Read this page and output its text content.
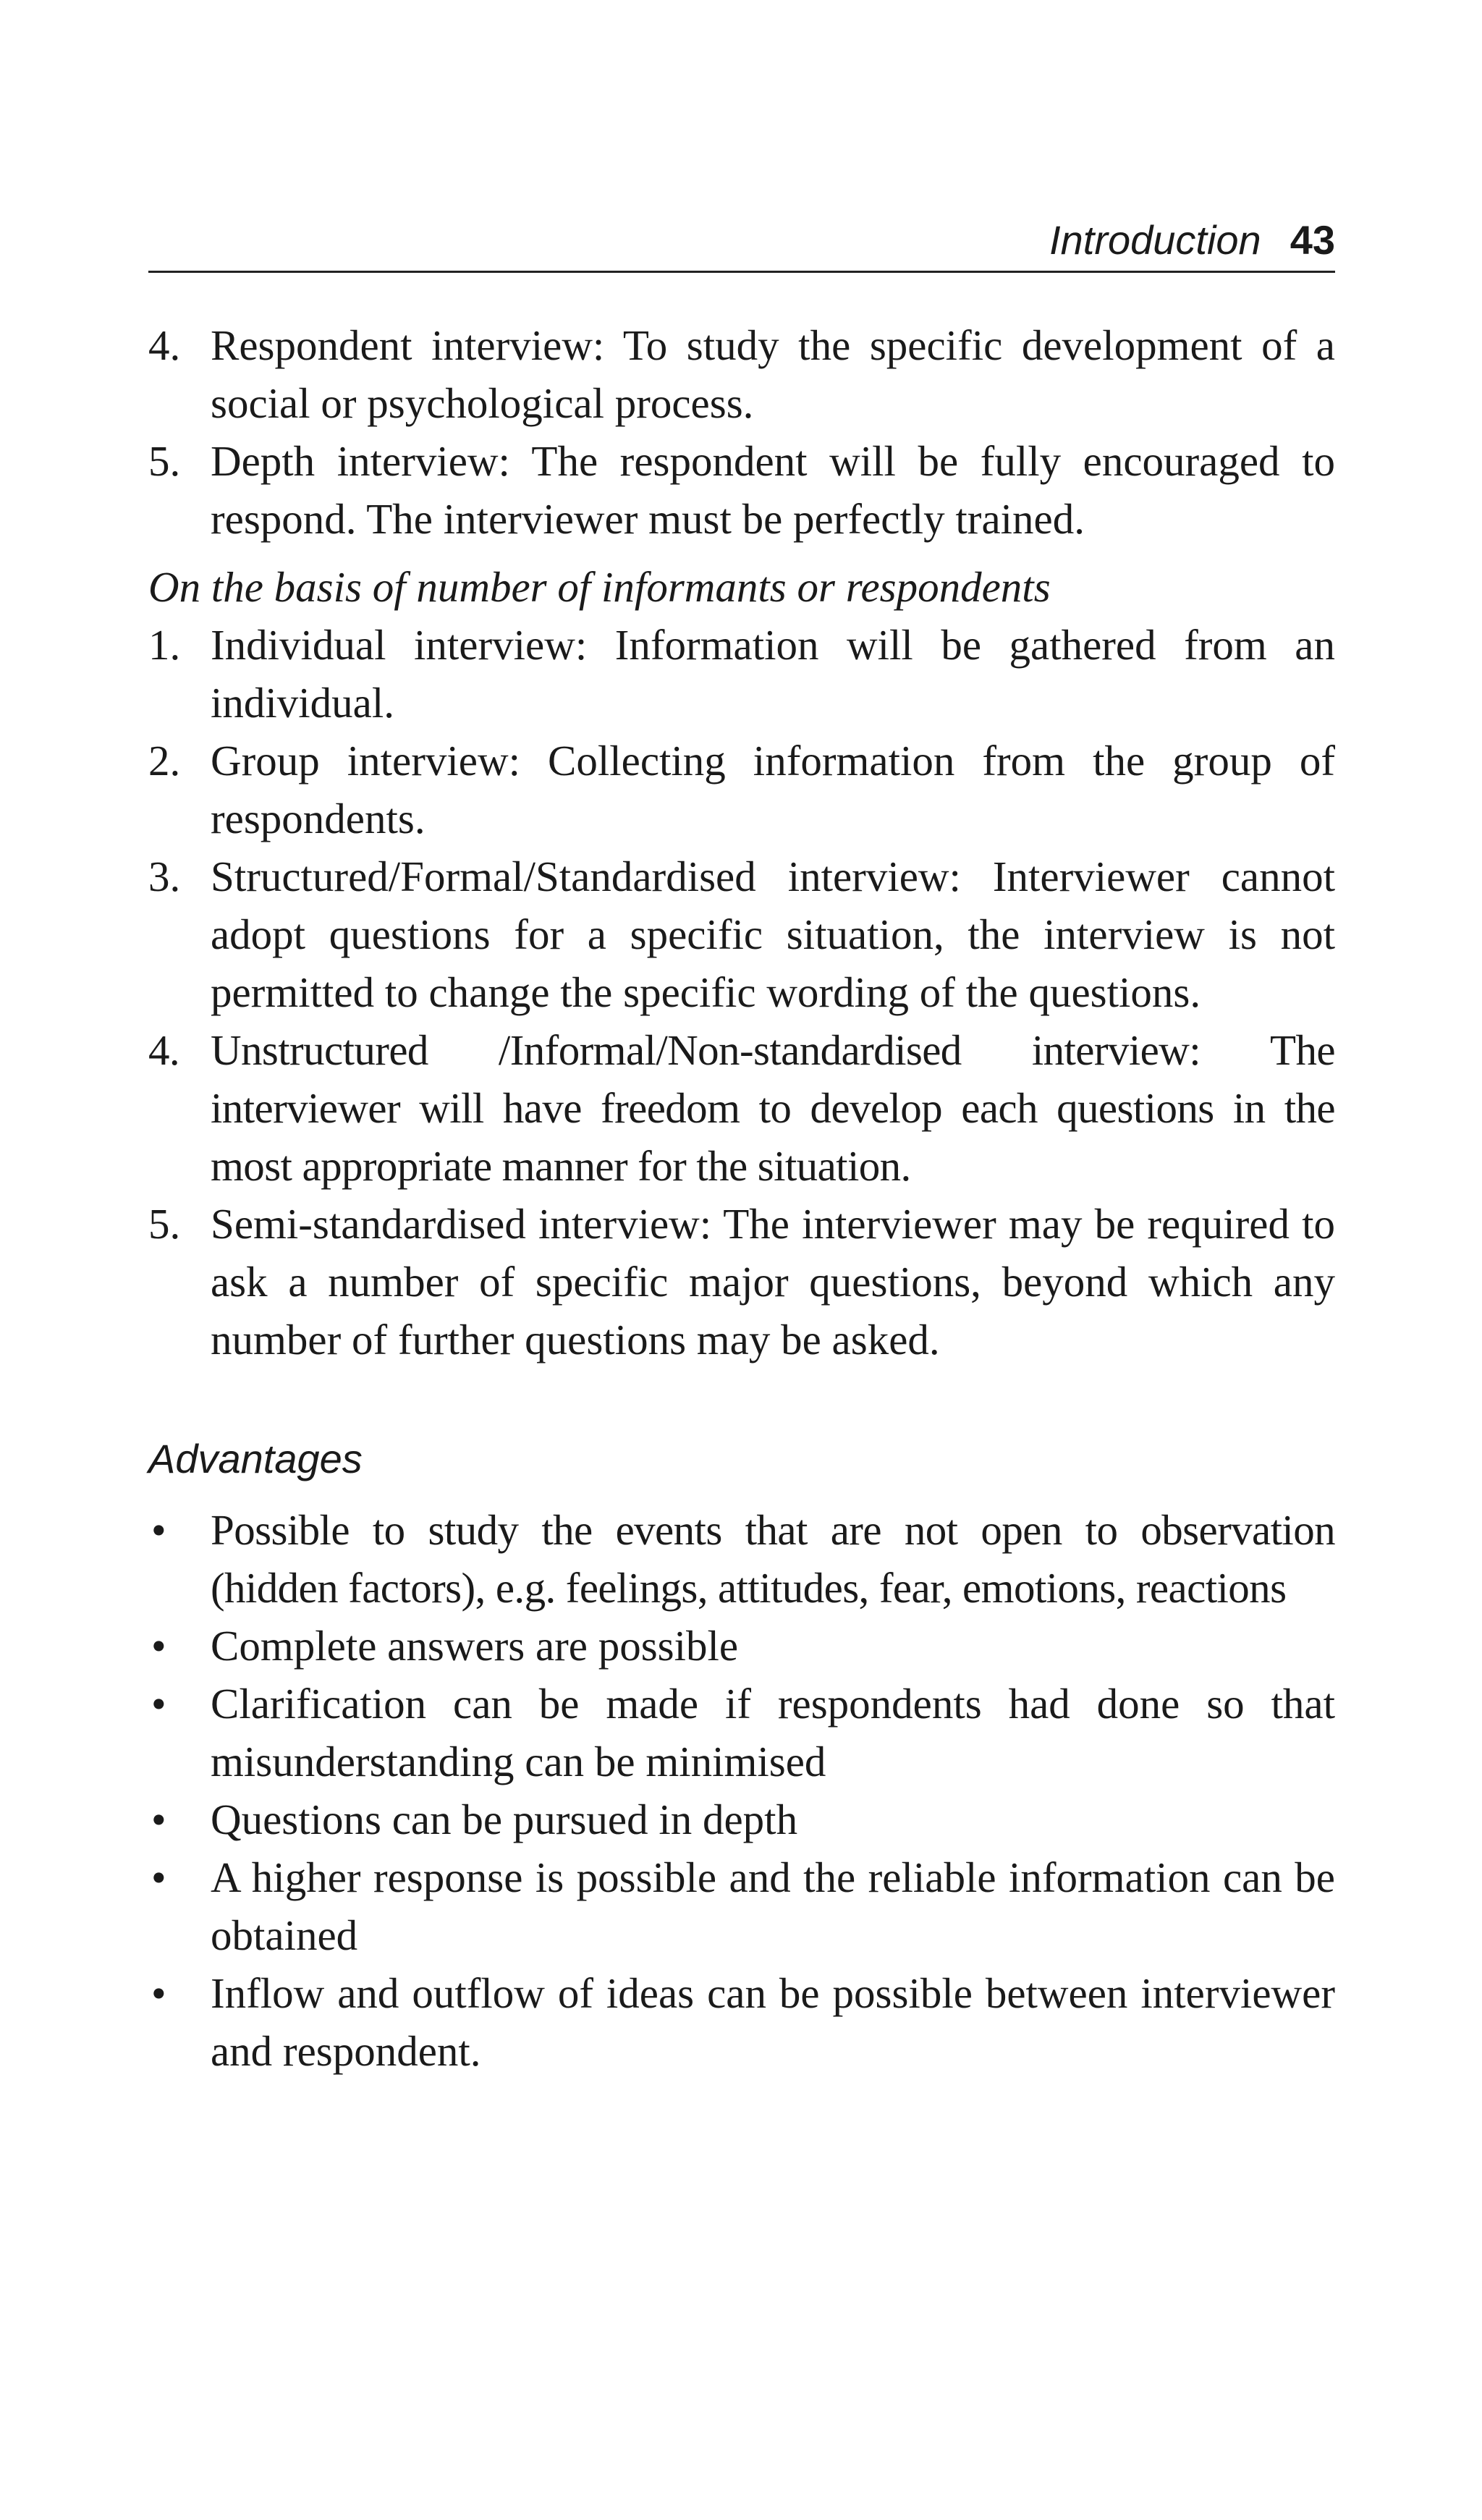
Introduction 43
4. Respondent interview: To study the specific development of a social or psychological process.
5. Depth interview: The respondent will be fully encouraged to respond. The interviewer must be perfectly trained.
On the basis of number of informants or respondents
1. Individual interview: Information will be gathered from an individual.
2. Group interview: Collecting information from the group of respondents.
3. Structured/Formal/Standardised interview: Interviewer cannot adopt questions for a specific situation, the interview is not permitted to change the specific wording of the questions.
4. Unstructured /Informal/Non-standardised interview: The interviewer will have freedom to develop each questions in the most appropriate manner for the situation.
5. Semi-standardised interview: The interviewer may be required to ask a number of specific major questions, beyond which any number of further questions may be asked.
Advantages
• Possible to study the events that are not open to observation (hidden factors), e.g. feelings, attitudes, fear, emotions, reactions
• Complete answers are possible
• Clarification can be made if respondents had done so that misunderstanding can be minimised
• Questions can be pursued in depth
• A higher response is possible and the reliable information can be obtained
• Inflow and outflow of ideas can be possible between interviewer and respondent.
